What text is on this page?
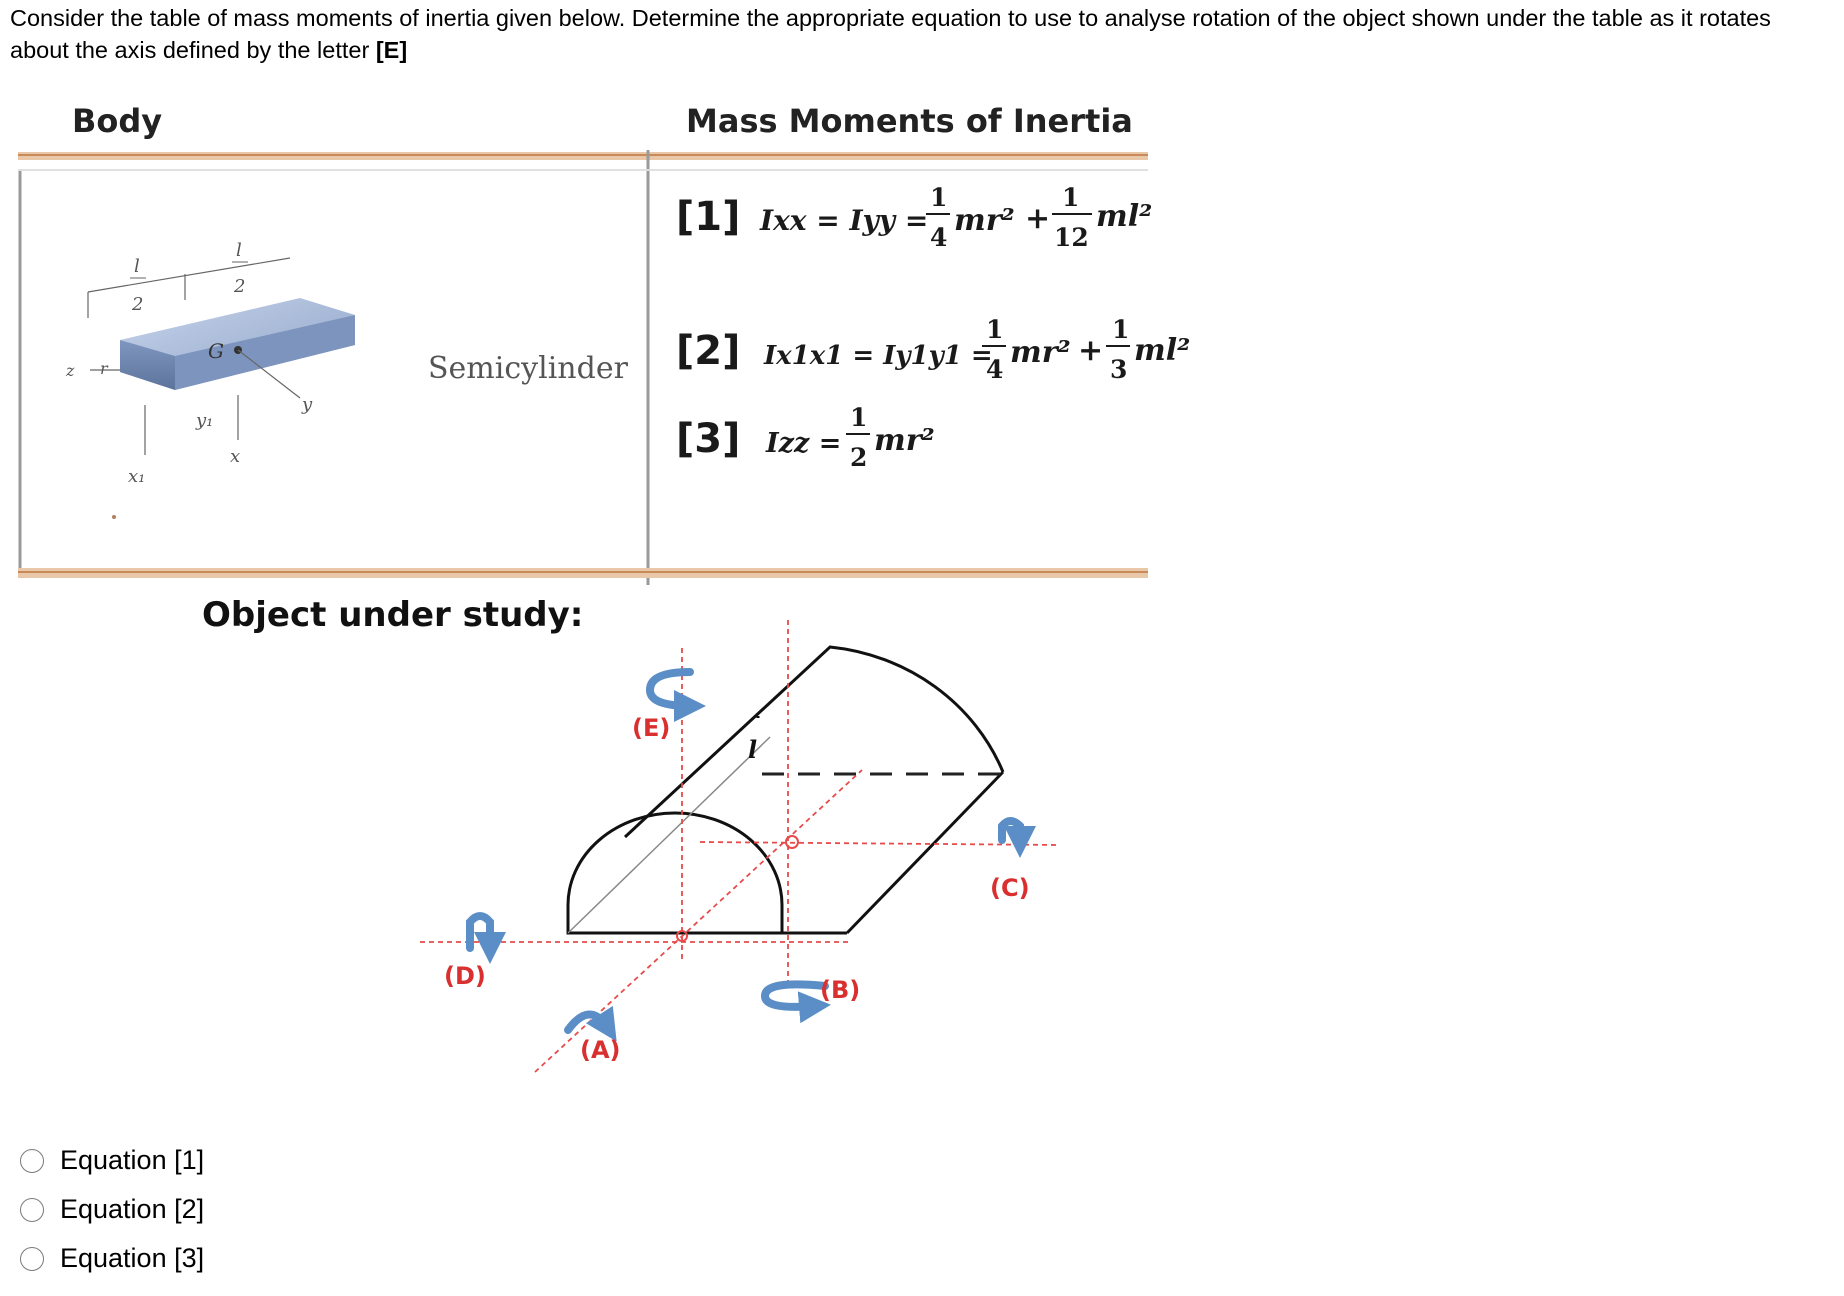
Consider the table of mass moments of inertia given below. Determine the appropriate equation to use to analyse rotation of the object shown under the table as it rotates about the axis defined by the letter [E]
Body	Mass Moments of Inertia
l
2
l
2
G
z r
y
x
x₁
y₁
Semicylinder
[1] Ixx = Iyy =
1
4 mr² +
1
12
ml²
[2] Ix1x1 = Iy1y1 =
1
4 mr² +
1
3
ml²
[3] Izz =
1
2 mr²
Object under study:
l
(E)
(C)
(D)
(A)
(B)
Equation [1]
Equation [2]
Equation [3]
